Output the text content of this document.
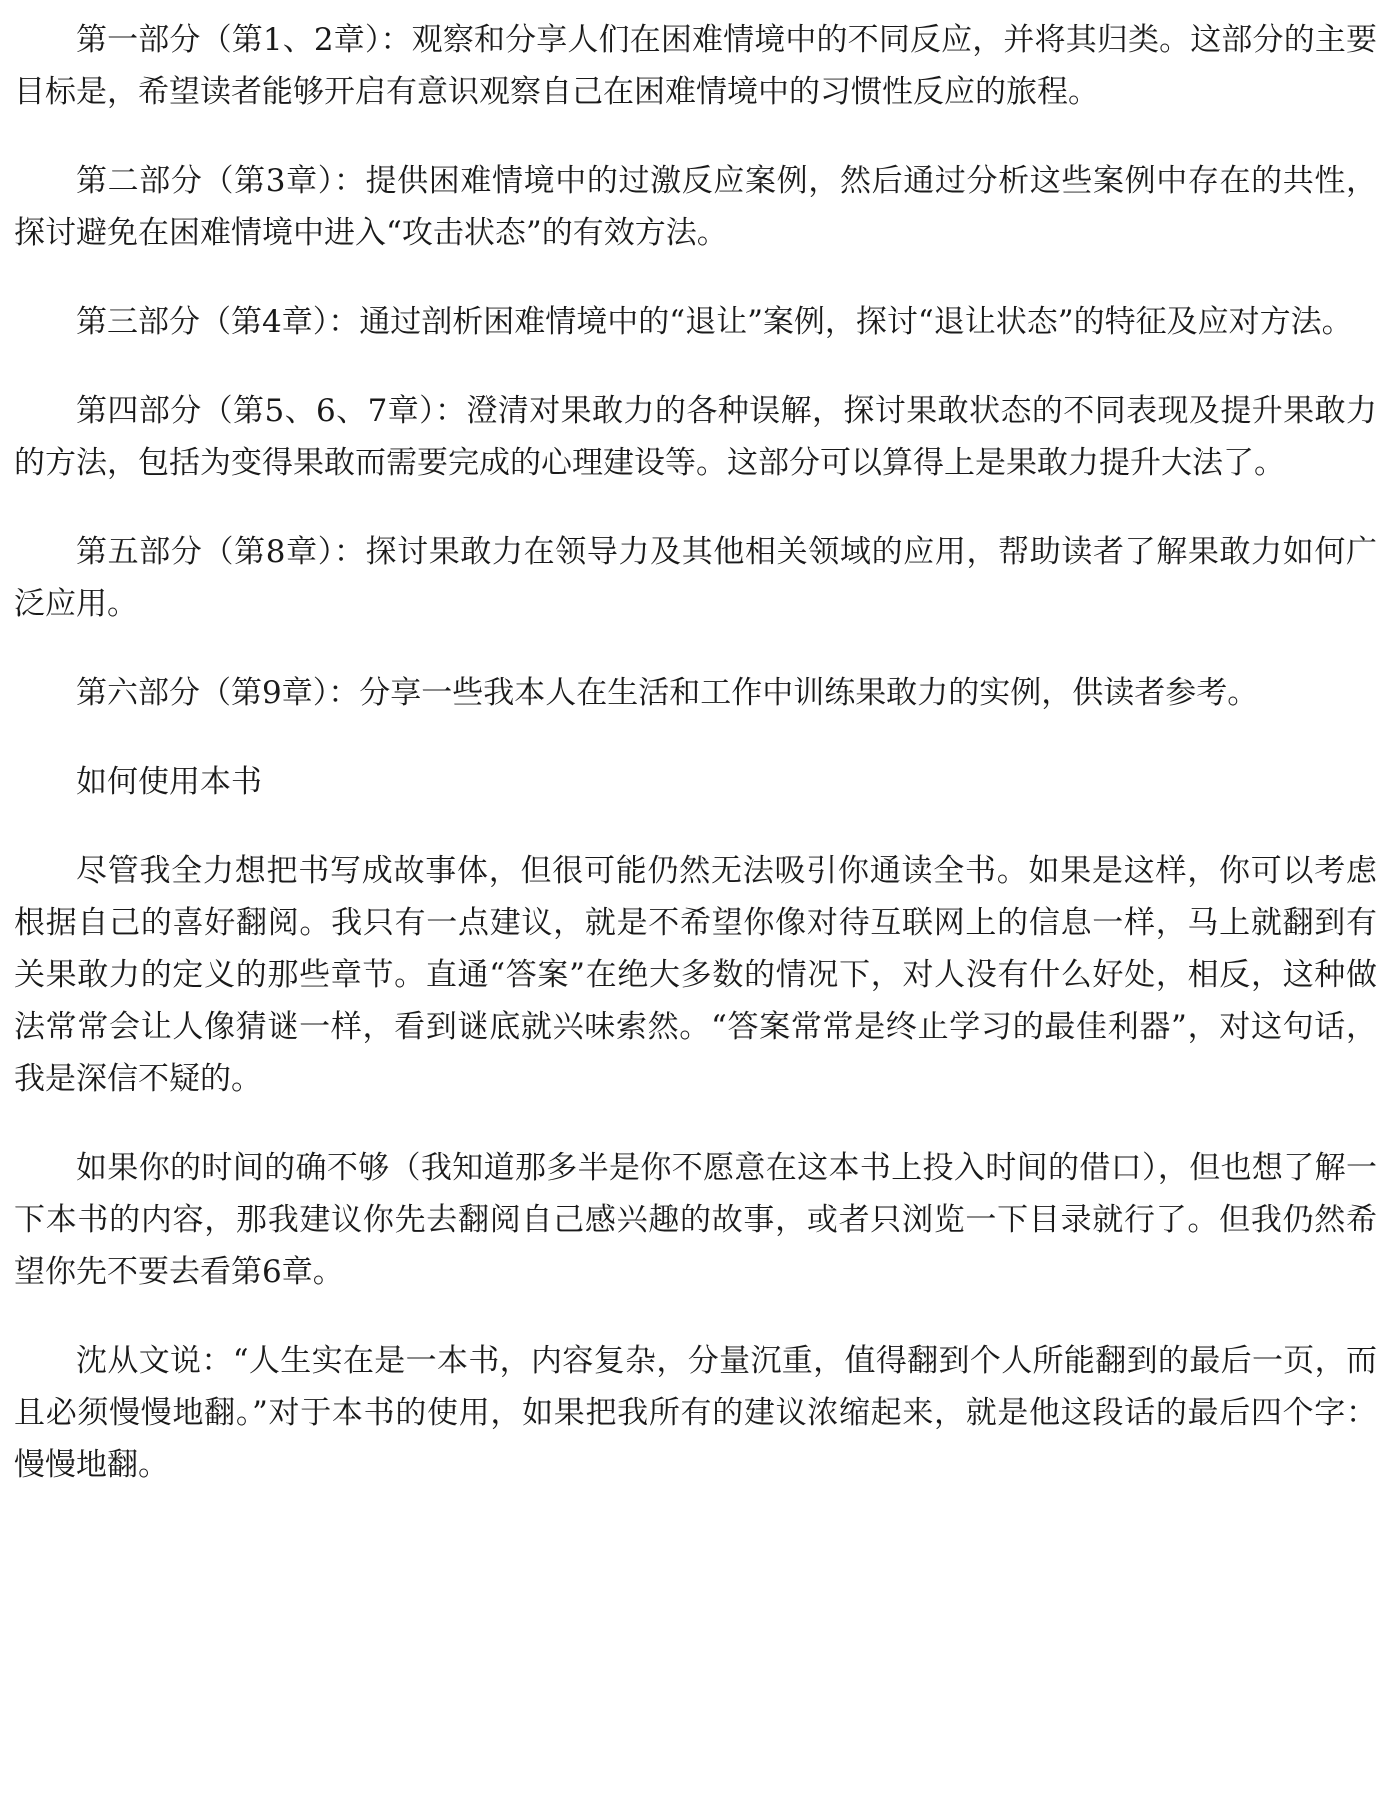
第一部分（第1、2章）：观察和分享人们在困难情境中的不同反应，并将其归类。这部分的主要目标是，希望读者能够开启有意识观察自己在困难情境中的习惯性反应的旅程。

第二部分（第3章）：提供困难情境中的过激反应案例，然后通过分析这些案例中存在的共性，探讨避免在困难情境中进入“攻击状态”的有效方法。

第三部分（第4章）：通过剖析困难情境中的“退让”案例，探讨“退让状态”的特征及应对方法。

第四部分（第5、6、7章）：澄清对果敢力的各种误解，探讨果敢状态的不同表现及提升果敢力的方法，包括为变得果敢而需要完成的心理建设等。这部分可以算得上是果敢力提升大法了。

第五部分（第8章）：探讨果敢力在领导力及其他相关领域的应用，帮助读者了解果敢力如何广泛应用。

第六部分（第9章）：分享一些我本人在生活和工作中训练果敢力的实例，供读者参考。

如何使用本书

尽管我全力想把书写成故事体，但很可能仍然无法吸引你通读全书。如果是这样，你可以考虑根据自己的喜好翻阅。我只有一点建议，就是不希望你像对待互联网上的信息一样，马上就翻到有关果敢力的定义的那些章节。直通“答案”在绝大多数的情况下，对人没有什么好处，相反，这种做法常常会让人像猜谜一样，看到谜底就兴味索然。“答案常常是终止学习的最佳利器”，对这句话，我是深信不疑的。

如果你的时间的确不够（我知道那多半是你不愿意在这本书上投入时间的借口），但也想了解一下本书的内容，那我建议你先去翻阅自己感兴趣的故事，或者只浏览一下目录就行了。但我仍然希望你先不要去看第6章。

沈从文说：“人生实在是一本书，内容复杂，分量沉重，值得翻到个人所能翻到的最后一页，而且必须慢慢地翻。”对于本书的使用，如果把我所有的建议浓缩起来，就是他这段话的最后四个字：慢慢地翻。
